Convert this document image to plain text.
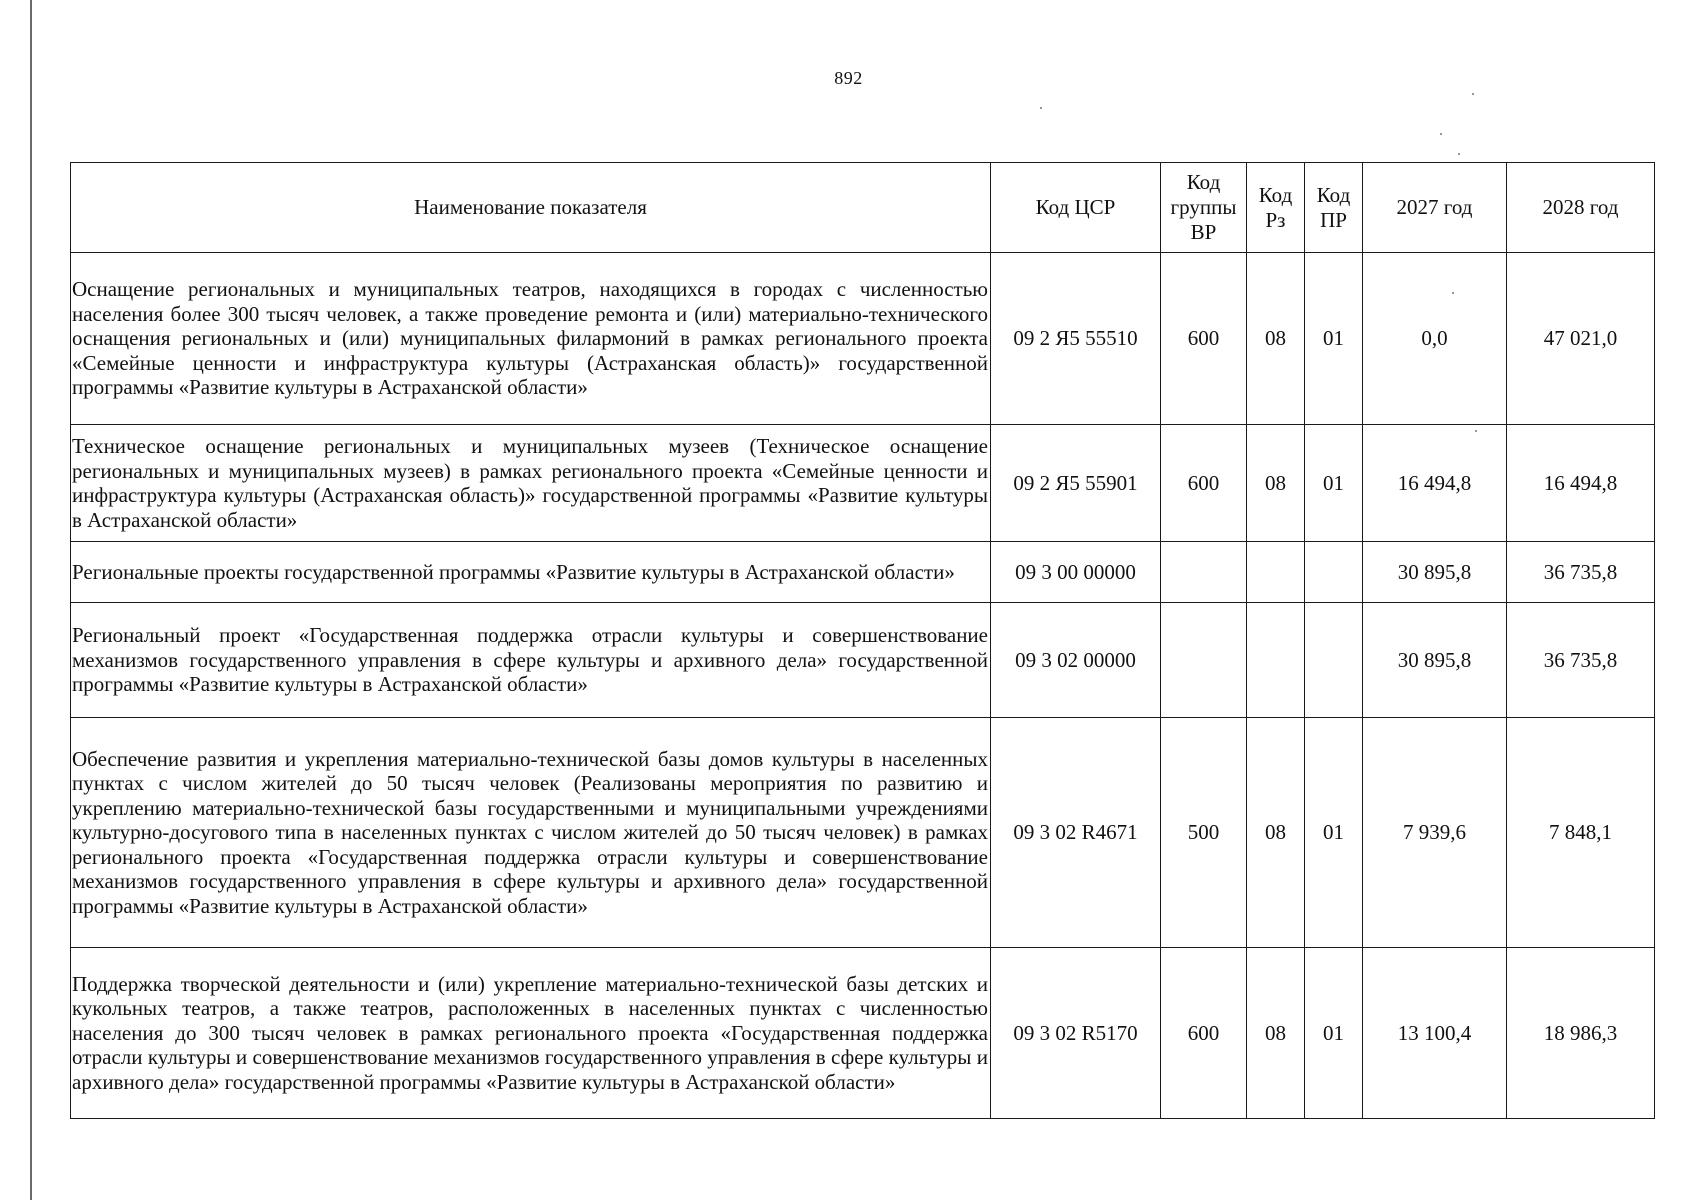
892
Наименование показателя	Код ЦСР	Код группы ВР	Код Рз	Код ПР	2027 год	2028 год
Оснащение региональных и муниципальных театров, находящихся в городах с численностью населения более 300 тысяч человек, а также проведение ремонта и (или) материально-технического оснащения региональных и (или) муниципальных филармоний в рамках регионального проекта «Семейные ценности и инфраструктура культуры (Астраханская область)» государственной программы «Развитие культуры в Астраханской области»	09 2 Я5 55510	600	08	01	0,0	47 021,0
Техническое оснащение региональных и муниципальных музеев (Техническое оснащение региональных и муниципальных музеев) в рамках регионального проекта «Семейные ценности и инфраструктура культуры (Астраханская область)» государственной программы «Развитие культуры в Астраханской области»	09 2 Я5 55901	600	08	01	16 494,8	16 494,8
Региональные проекты государственной программы «Развитие культуры в Астраханской области»	09 3 00 00000				30 895,8	36 735,8
Региональный проект «Государственная поддержка отрасли культуры и совершенствование механизмов государственного управления в сфере культуры и архивного дела» государственной программы «Развитие культуры в Астраханской области»	09 3 02 00000				30 895,8	36 735,8
Обеспечение развития и укрепления материально-технической базы домов культуры в населенных пунктах с числом жителей до 50 тысяч человек (Реализованы мероприятия по развитию и укреплению материально-технической базы государственными и муниципальными учреждениями культурно-досугового типа в населенных пунктах с числом жителей до 50 тысяч человек) в рамках регионального проекта «Государственная поддержка отрасли культуры и совершенствование механизмов государственного управления в сфере культуры и архивного дела» государственной программы «Развитие культуры в Астраханской области»	09 3 02 R4671	500	08	01	7 939,6	7 848,1
Поддержка творческой деятельности и (или) укрепление материально-технической базы детских и кукольных театров, а также театров, расположенных в населенных пунктах с численностью населения до 300 тысяч человек в рамках регионального проекта «Государственная поддержка отрасли культуры и совершенствование механизмов государственного управления в сфере культуры и архивного дела» государственной программы «Развитие культуры в Астраханской области»	09 3 02 R5170	600	08	01	13 100,4	18 986,3
